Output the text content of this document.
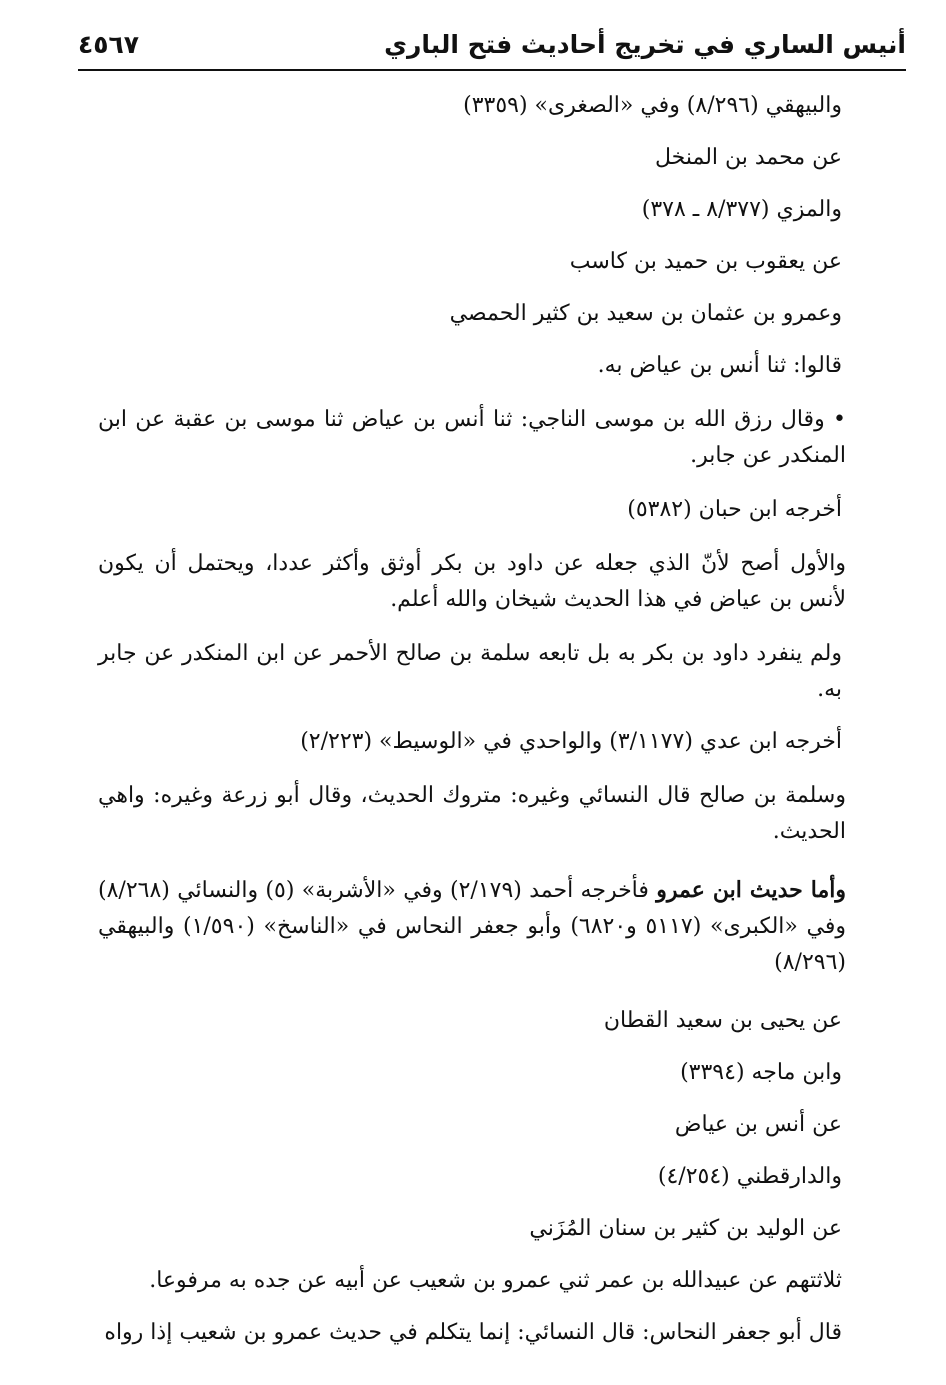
أنيس الساري في تخريج أحاديث فتح الباري
٤٥٦٧

والبيهقي (٨/٢٩٦) وفي «الصغرى» (٣٣٥٩)

عن محمد بن المنخل

والمزي (٨/٣٧٧ ـ ٣٧٨)

عن يعقوب بن حميد بن كاسب

وعمرو بن عثمان بن سعيد بن كثير الحمصي

قالوا: ثنا أنس بن عياض به.

• وقال رزق الله بن موسى الناجي: ثنا أنس بن عياض ثنا موسى بن عقبة عن ابن المنكدر عن جابر.

أخرجه ابن حبان (٥٣٨٢)

والأول أصح لأنّ الذي جعله عن داود بن بكر أوثق وأكثر عددا، ويحتمل أن يكون لأنس بن عياض في هذا الحديث شيخان والله أعلم.

ولم ينفرد داود بن بكر به بل تابعه سلمة بن صالح الأحمر عن ابن المنكدر عن جابر به.

أخرجه ابن عدي (٣/١١٧٧) والواحدي في «الوسيط» (٢/٢٢٣)

وسلمة بن صالح قال النسائي وغيره: متروك الحديث، وقال أبو زرعة وغيره: واهي الحديث.

وأما حديث ابن عمرو فأخرجه أحمد (٢/١٧٩) وفي «الأشربة» (٥) والنسائي (٨/٢٦٨) وفي «الكبرى» (٥١١٧ و٦٨٢٠) وأبو جعفر النحاس في «الناسخ» (١/٥٩٠) والبيهقي (٨/٢٩٦)

عن يحيى بن سعيد القطان

وابن ماجه (٣٣٩٤)

عن أنس بن عياض

والدارقطني (٤/٢٥٤)

عن الوليد بن كثير بن سنان المُزَني

ثلاثتهم عن عبيدالله بن عمر ثني عمرو بن شعيب عن أبيه عن جده به مرفوعا.

قال أبو جعفر النحاس: قال النسائي: إنما يتكلم في حديث عمرو بن شعيب إذا رواه
